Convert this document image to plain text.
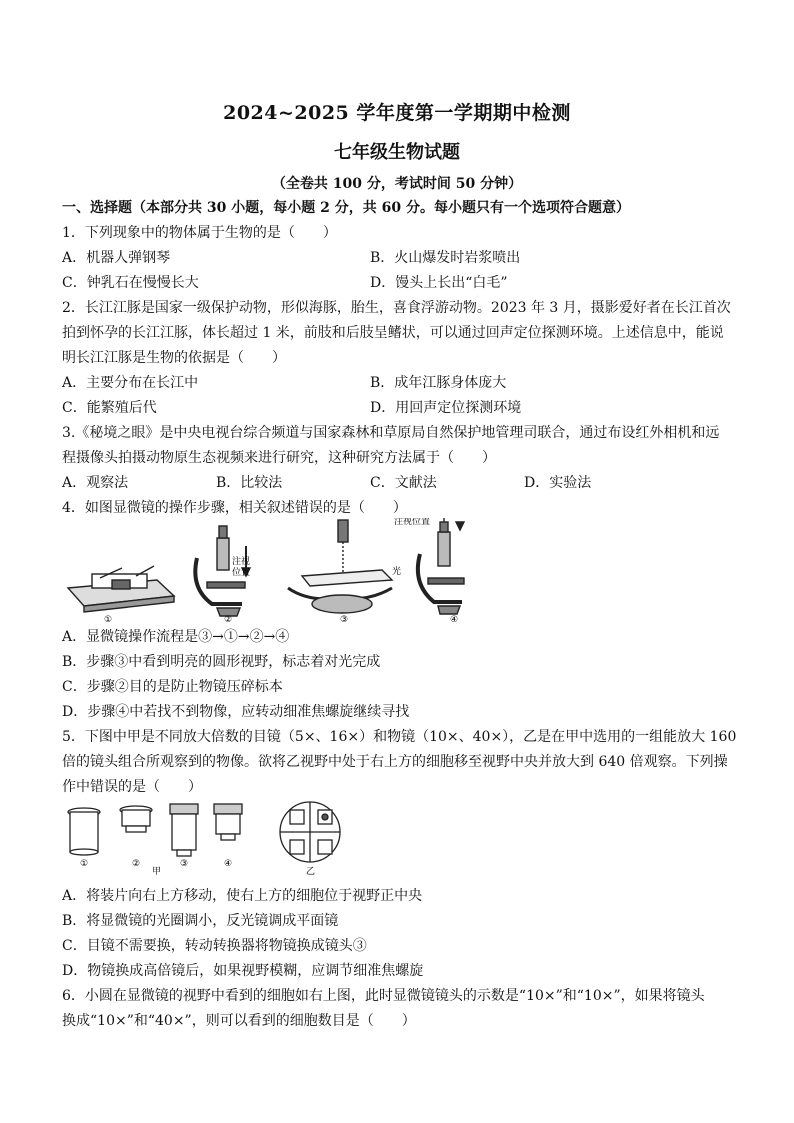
2024~2025 学年度第一学期期中检测
七年级生物试题
（全卷共 100 分，考试时间 50 分钟）
一、选择题（本部分共 30 小题，每小题 2 分，共 60 分。每小题只有一个选项符合题意）
1．下列现象中的物体属于生物的是（　　）
A．机器人弹钢琴	B．火山爆发时岩浆喷出
C．钟乳石在慢慢长大	D．馒头上长出“白毛”
2．长江江豚是国家一级保护动物，形似海豚，胎生，喜食浮游动物。2023 年 3 月，摄影爱好者在长江首次
拍到怀孕的长江江豚，体长超过 1 米，前肢和后肢呈鳍状，可以通过回声定位探测环境。上述信息中，能说
明长江江豚是生物的依据是（　　）
A．主要分布在长江中	B．成年江豚身体庞大
C．能繁殖后代	D．用回声定位探测环境
3.《秘境之眼》是中央电视台综合频道与国家森林和草原局自然保护地管理司联合，通过布设红外相机和远
程摄像头拍摄动物原生态视频来进行研究，这种研究方法属于（　　）
A．观察法	B．比较法	C．文献法	D．实验法
4．如图显微镜的操作步骤，相关叙述错误的是（　　）
注视
位置	光
注视位置
①	②	③	④
A．显微镜操作流程是③→①→②→④
B．步骤③中看到明亮的圆形视野，标志着对光完成
C．步骤②目的是防止物镜压碎标本
D．步骤④中若找不到物像，应转动细准焦螺旋继续寻找
5．下图中甲是不同放大倍数的目镜（5×、16×）和物镜（10×、40×），乙是在甲中选用的一组能放大 160
倍的镜头组合所观察到的物像。欲将乙视野中处于右上方的细胞移至视野中央并放大到 640 倍观察。下列操
作中错误的是（　　）
①	②
甲
③	④
乙
A．将装片向右上方移动，使右上方的细胞位于视野正中央
B．将显微镜的光圈调小，反光镜调成平面镜
C．目镜不需要换，转动转换器将物镜换成镜头③
D．物镜换成高倍镜后，如果视野模糊，应调节细准焦螺旋
6．小圆在显微镜的视野中看到的细胞如右上图，此时显微镜镜头的示数是“10×”和“10×”，如果将镜头
换成“10×”和“40×”，则可以看到的细胞数目是（　　）
